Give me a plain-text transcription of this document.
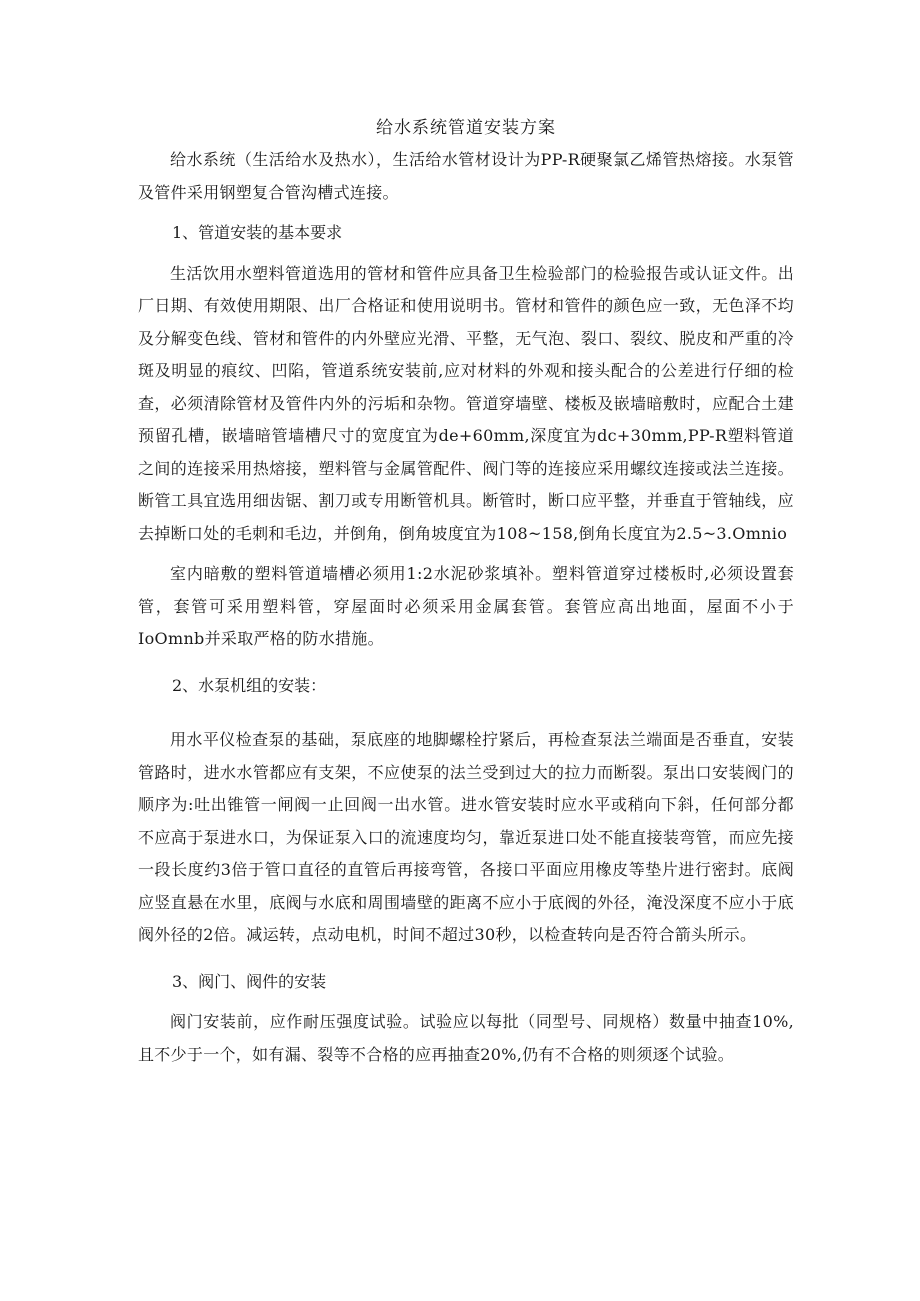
给水系统管道安装方案

给水系统（生活给水及热水），生活给水管材设计为PP-R硬聚氯乙烯管热熔接。水泵管及管件采用钢塑复合管沟槽式连接。

1、管道安装的基本要求

生活饮用水塑料管道选用的管材和管件应具备卫生检验部门的检验报告或认证文件。出厂日期、有效使用期限、出厂合格证和使用说明书。管材和管件的颜色应一致，无色泽不均及分解变色线、管材和管件的内外壁应光滑、平整，无气泡、裂口、裂纹、脱皮和严重的冷斑及明显的痕纹、凹陷，管道系统安装前,应对材料的外观和接头配合的公差进行仔细的检查，必须清除管材及管件内外的污垢和杂物。管道穿墙壁、楼板及嵌墙暗敷时，应配合土建预留孔槽，嵌墙暗管墙槽尺寸的宽度宜为de+60mm,深度宜为dc+30mm,PP-R塑料管道之间的连接采用热熔接，塑料管与金属管配件、阀门等的连接应采用螺纹连接或法兰连接。断管工具宜选用细齿锯、割刀或专用断管机具。断管时，断口应平整，并垂直于管轴线，应去掉断口处的毛刺和毛边，并倒角，倒角坡度宜为108~158,倒角长度宜为2.5~3.Omnio

室内暗敷的塑料管道墙槽必须用1:2水泥砂浆填补。塑料管道穿过楼板时,必须设置套管，套管可采用塑料管，穿屋面时必须采用金属套管。套管应高出地面，屋面不小于IoOmnb并采取严格的防水措施。

2、水泵机组的安装：

用水平仪检查泵的基础，泵底座的地脚螺栓拧紧后，再检查泵法兰端面是否垂直，安装管路时，进水水管都应有支架，不应使泵的法兰受到过大的拉力而断裂。泵出口安装阀门的顺序为:吐出锥管一闸阀一止回阀一出水管。进水管安装时应水平或稍向下斜，任何部分都不应高于泵进水口，为保证泵入口的流速度均匀，靠近泵进口处不能直接装弯管，而应先接一段长度约3倍于管口直径的直管后再接弯管，各接口平面应用橡皮等垫片进行密封。底阀应竖直悬在水里，底阀与水底和周围墙壁的距离不应小于底阀的外径，淹没深度不应小于底阀外径的2倍。减运转，点动电机，时间不超过30秒，以检查转向是否符合箭头所示。

3、阀门、阀件的安装

阀门安装前，应作耐压强度试验。试验应以每批（同型号、同规格）数量中抽查10%,且不少于一个，如有漏、裂等不合格的应再抽查20%,仍有不合格的则须逐个试验。
